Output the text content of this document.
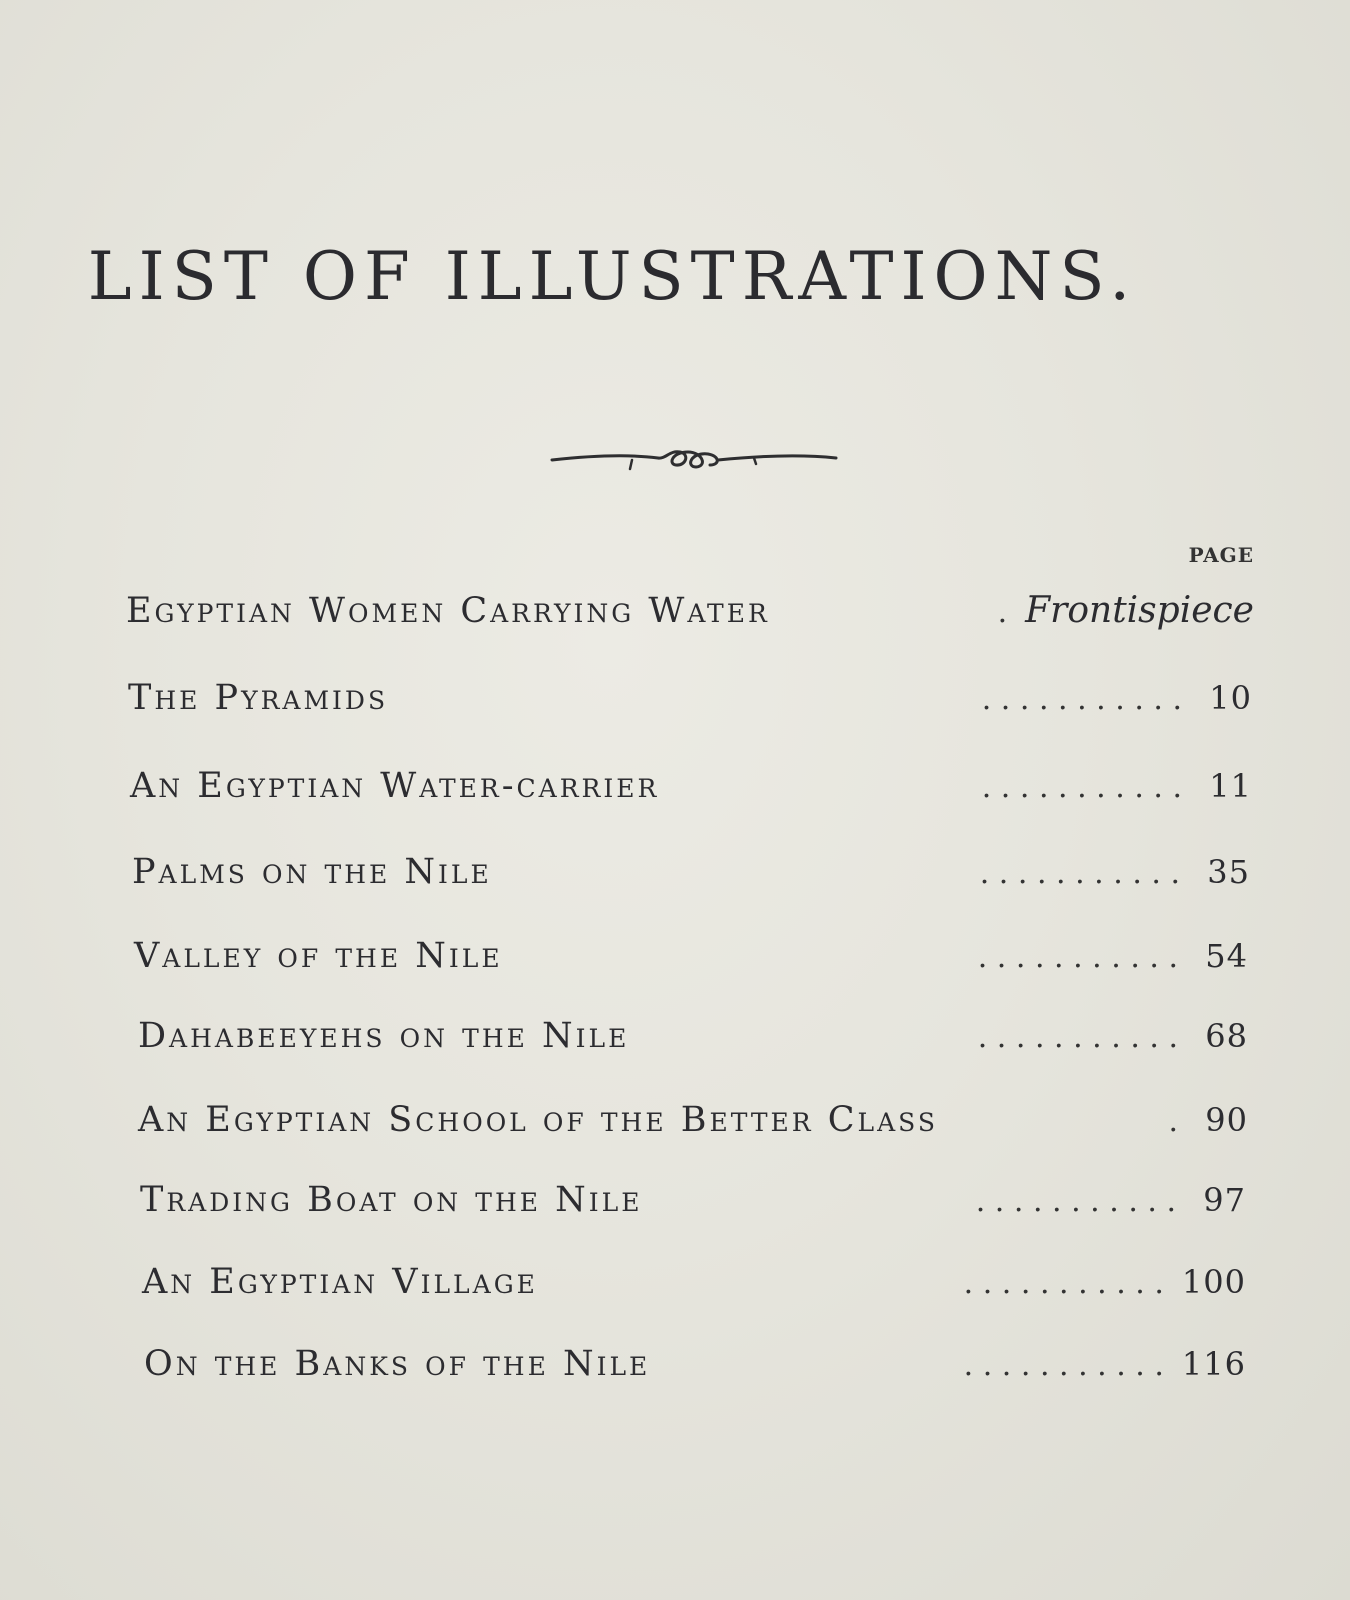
LIST OF ILLUSTRATIONS.
PAGE
Egyptian Women Carrying Water	. Frontispiece
The Pyramids	. . . . . . . . . . . 10
An Egyptian Water-carrier	. . . . . . . . . . . 11
Palms on the Nile	. . . . . . . . . . . 35
Valley of the Nile	. . . . . . . . . . . 54
Dahabeeyehs on the Nile	. . . . . . . . . . . 68
An Egyptian School of the Better Class	. 90
Trading Boat on the Nile	. . . . . . . . . . . 97
An Egyptian Village	. . . . . . . . . . . 100
On the Banks of the Nile	. . . . . . . . . . . 116
